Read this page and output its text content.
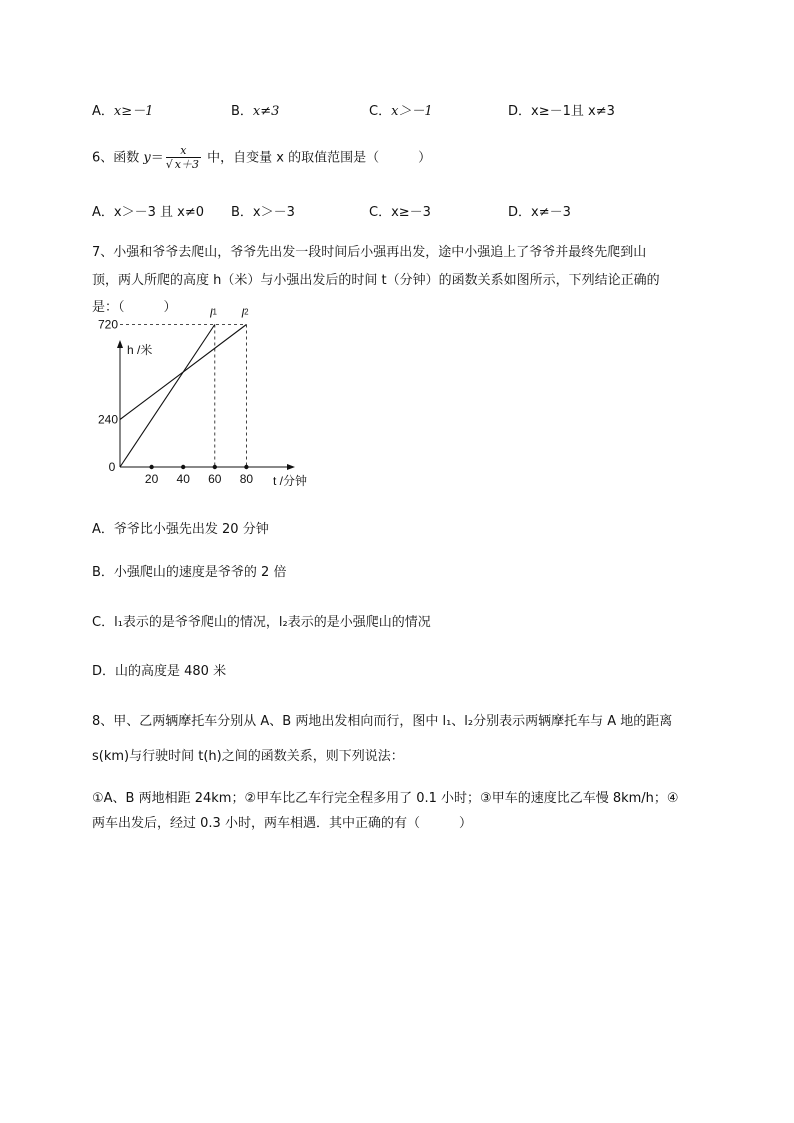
A．x≥－1	B．x≠3	C．x＞－1	D．x≥－1且 x≠3
6、函数 $y= \frac{x}{√ x+3}$ 中，自变量 x 的取值范围是（　　　）
A．x＞－3 且 x≠0 B．x＞－3	C．x≥－3	D．x≠－3
7、小强和爷爷去爬山，爷爷先出发一段时间后小强再出发，途中小强追上了爷爷并最终先爬到山
顶，两人所爬的高度 h（米）与小强出发后的时间 t（分钟）的函数关系如图所示，下列结论正确的
是：（　　　）
h /米
t /分钟
0
240
720
20 40 60 80
$l^1$ $l^2$
A．爷爷比小强先出发 20 分钟
B．小强爬山的速度是爷爷的 2 倍
C．l₁表示的是爷爷爬山的情况，l₂表示的是小强爬山的情况
D．山的高度是 480 米
8、甲、乙两辆摩托车分别从 A、B 两地出发相向而行，图中 l₁、l₂分别表示两辆摩托车与 A 地的距离
s(km)与行驶时间 t(h)之间的函数关系，则下列说法：
①A、B 两地相距 24km；②甲车比乙车行完全程多用了 0.1 小时；③甲车的速度比乙车慢 8km/h；④
两车出发后，经过 0.3 小时，两车相遇．其中正确的有（　　　）
